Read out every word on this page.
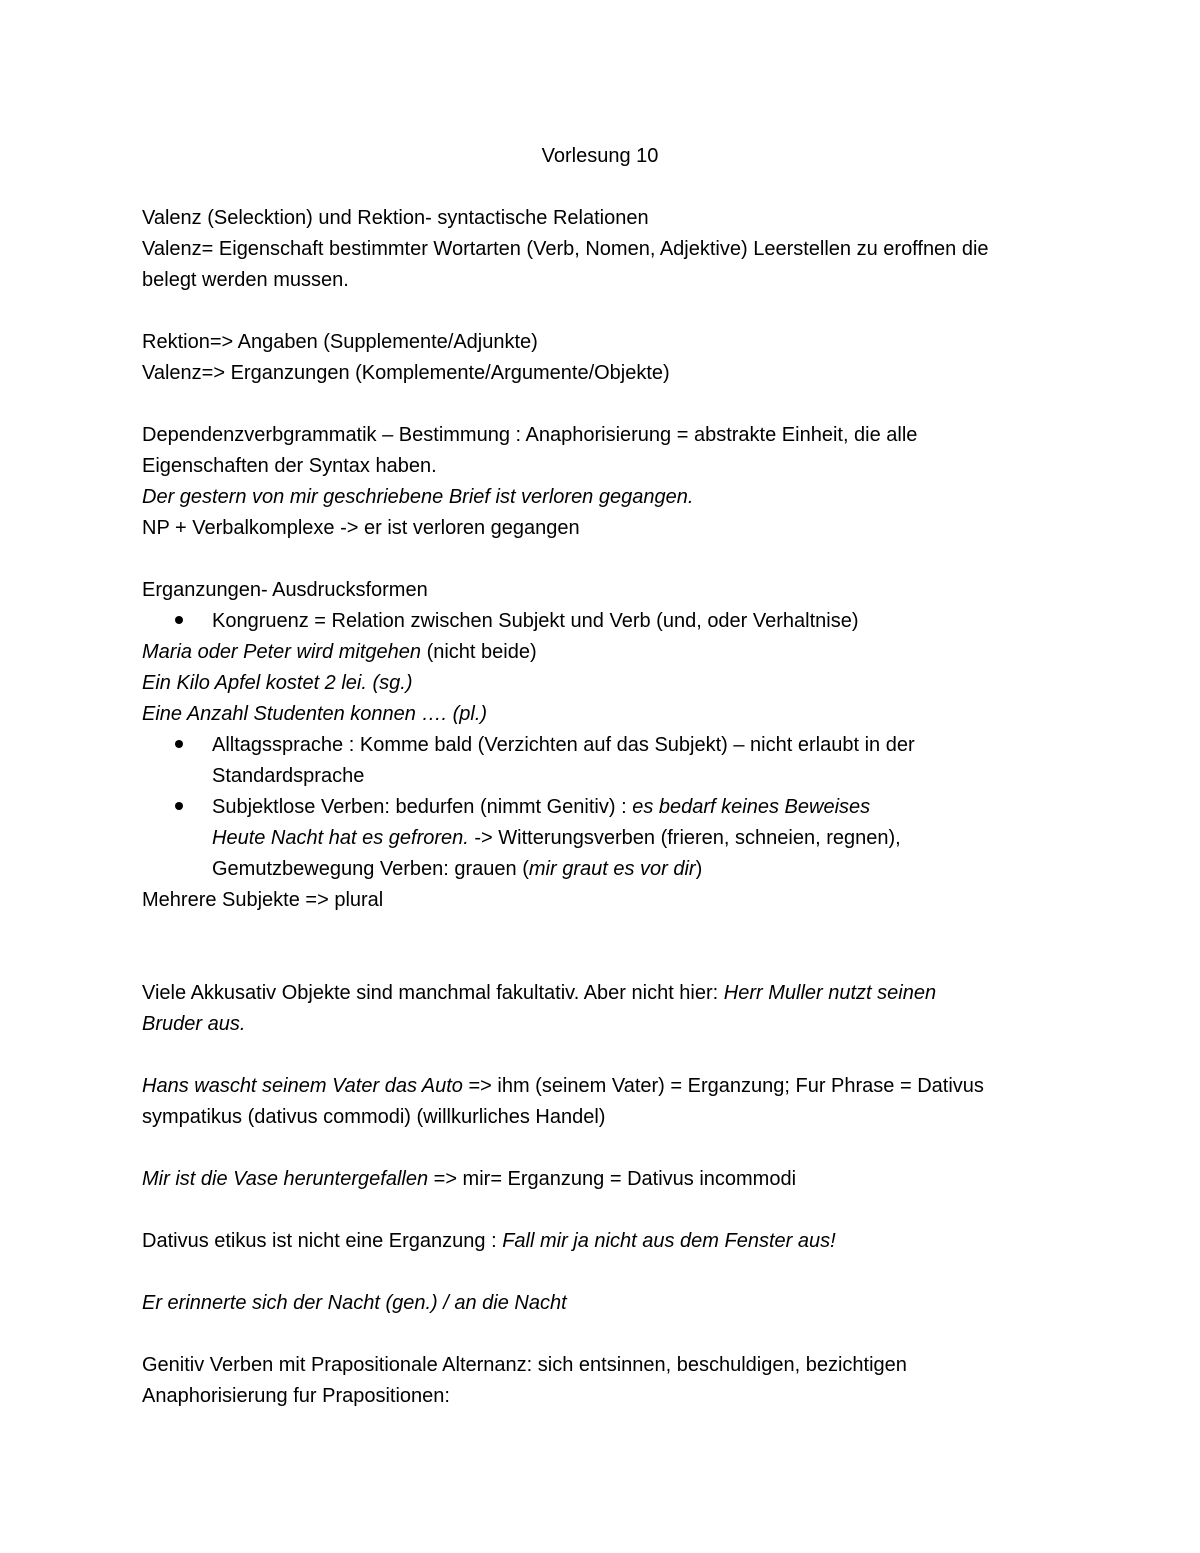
Vorlesung 10
Valenz (Selecktion) und Rektion- syntactische Relationen
Valenz= Eigenschaft bestimmter Wortarten (Verb, Nomen, Adjektive) Leerstellen zu eroffnen die
belegt werden mussen.
Rektion=> Angaben (Supplemente/Adjunkte)
Valenz=> Erganzungen (Komplemente/Argumente/Objekte)
Dependenzverbgrammatik – Bestimmung : Anaphorisierung = abstrakte Einheit, die alle
Eigenschaften der Syntax haben.
Der gestern von mir geschriebene Brief ist verloren gegangen.
NP + Verbalkomplexe -> er ist verloren gegangen
Erganzungen- Ausdrucksformen
Kongruenz = Relation zwischen Subjekt und Verb (und, oder Verhaltnise)
Maria oder Peter wird mitgehen (nicht beide)
Ein Kilo Apfel kostet 2 lei. (sg.)
Eine Anzahl Studenten konnen …. (pl.)
Alltagssprache : Komme bald (Verzichten auf das Subjekt) – nicht erlaubt in der
Standardsprache
Subjektlose Verben: bedurfen (nimmt Genitiv) : es bedarf keines Beweises
Heute Nacht hat es gefroren. -> Witterungsverben (frieren, schneien, regnen),
Gemutzbewegung Verben: grauen (mir graut es vor dir)
Mehrere Subjekte => plural
Viele Akkusativ Objekte sind manchmal fakultativ. Aber nicht hier: Herr Muller nutzt seinen
Bruder aus.
Hans wascht seinem Vater das Auto => ihm (seinem Vater) = Erganzung; Fur Phrase = Dativus
sympatikus (dativus commodi) (willkurliches Handel)
Mir ist die Vase heruntergefallen => mir= Erganzung = Dativus incommodi
Dativus etikus ist nicht eine Erganzung : Fall mir ja nicht aus dem Fenster aus!
Er erinnerte sich der Nacht (gen.) / an die Nacht
Genitiv Verben mit Prapositionale Alternanz: sich entsinnen, beschuldigen, bezichtigen
Anaphorisierung fur Prapositionen:
